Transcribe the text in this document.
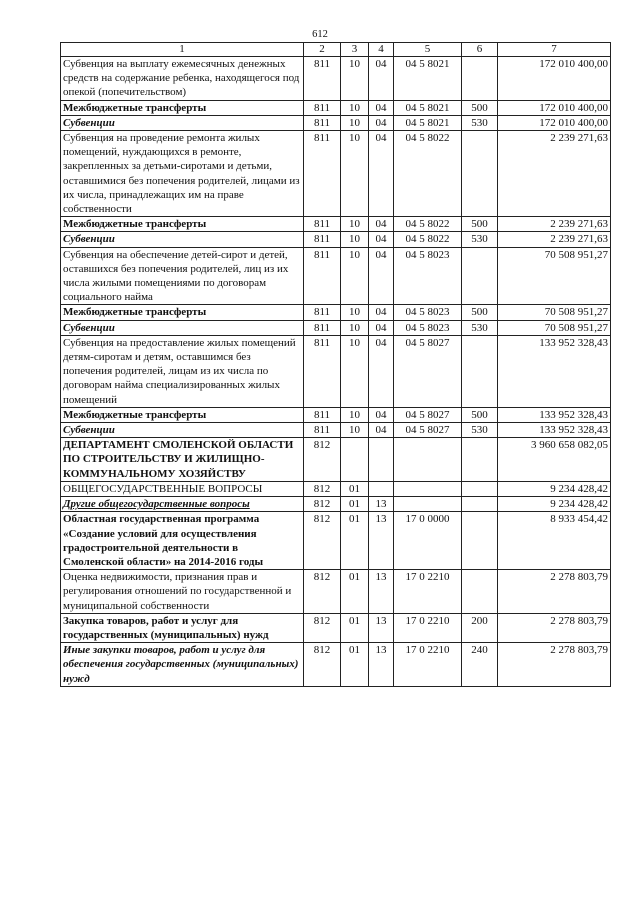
612
1	2	3	4	5	6	7
Субвенция на выплату ежемесячных денежных средств на содержание ребенка, находящегося под опекой (попечительством)	811	10	04	04 5 8021		172 010 400,00
Межбюджетные трансферты	811	10	04	04 5 8021	500	172 010 400,00
Субвенции	811	10	04	04 5 8021	530	172 010 400,00
Субвенция на проведение ремонта жилых помещений, нуждающихся в ремонте, закрепленных за детьми-сиротами и детьми, оставшимися без попечения родителей, лицами из их числа, принадлежащих им на праве собственности	811	10	04	04 5 8022		2 239 271,63
Межбюджетные трансферты	811	10	04	04 5 8022	500	2 239 271,63
Субвенции	811	10	04	04 5 8022	530	2 239 271,63
Субвенция на обеспечение детей-сирот и детей, оставшихся без попечения родителей, лиц из их числа жилыми помещениями по договорам социального найма	811	10	04	04 5 8023		70 508 951,27
Межбюджетные трансферты	811	10	04	04 5 8023	500	70 508 951,27
Субвенции	811	10	04	04 5 8023	530	70 508 951,27
Субвенция на предоставление жилых помещений детям-сиротам и детям, оставшимся без попечения родителей, лицам из их числа по договорам найма специализированных жилых помещений	811	10	04	04 5 8027		133 952 328,43
Межбюджетные трансферты	811	10	04	04 5 8027	500	133 952 328,43
Субвенции	811	10	04	04 5 8027	530	133 952 328,43
ДЕПАРТАМЕНТ СМОЛЕНСКОЙ ОБЛАСТИ ПО СТРОИТЕЛЬСТВУ И ЖИЛИЩНО-КОММУНАЛЬНОМУ ХОЗЯЙСТВУ	812					3 960 658 082,05
ОБЩЕГОСУДАРСТВЕННЫЕ ВОПРОСЫ	812	01				9 234 428,42
Другие общегосударственные вопросы	812	01	13			9 234 428,42
Областная государственная программа «Создание условий для осуществления градостроительной деятельности в Смоленской области» на 2014-2016 годы	812	01	13	17 0 0000		8 933 454,42
Оценка недвижимости, признания прав и регулирования отношений по государственной и муниципальной собственности	812	01	13	17 0 2210		2 278 803,79
Закупка товаров, работ и услуг для государственных (муниципальных) нужд	812	01	13	17 0 2210	200	2 278 803,79
Иные закупки товаров, работ и услуг для обеспечения государственных (муниципальных) нужд	812	01	13	17 0 2210	240	2 278 803,79
